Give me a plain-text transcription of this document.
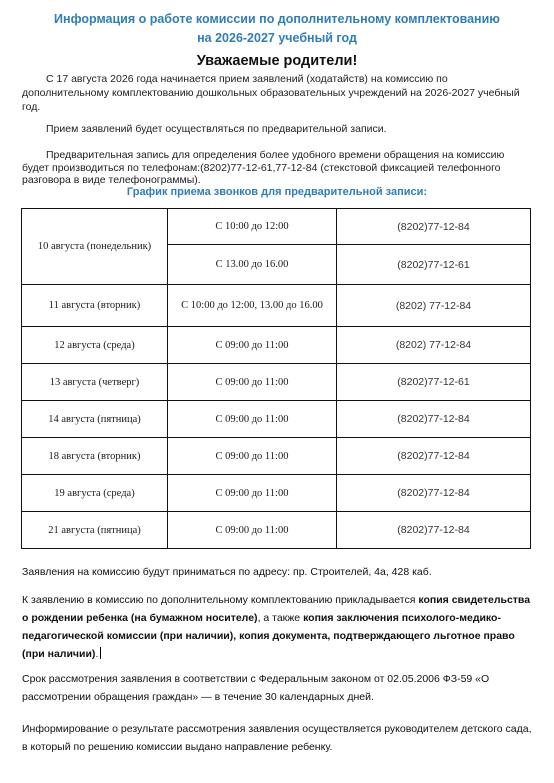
Информация о работе комиссии по дополнительному комплектованию
на 2026-2027 учебный год
Уважаемые родители!
С 17 августа 2026 года начинается прием заявлений (ходатайств) на комиссию по дополнительному комплектованию дошкольных образовательных учреждений на 2026-2027 учебный год.
Прием заявлений будет осуществляться по предварительной записи.
Предварительная запись для определения более удобного времени обращения на комиссию будет производиться по телефонам:(8202)77-12-61,77-12-84 (стекстовой фиксацией телефонного разговора в виде телефонограммы).
График приема звонков для предварительной записи:
10 августа (понедельник)	С 10:00 до 12:00	(8202)77-12-84
	С 13.00 до 16.00	(8202)77-12-61
11 августа (вторник)	С 10:00 до 12:00, 13.00 до 16.00	(8202) 77-12-84
12 августа (среда)	С 09:00 до 11:00	(8202) 77-12-84
13 августа (четверг)	С 09:00 до 11:00	(8202)77-12-61
14 августа (пятница)	С 09:00 до 11:00	(8202)77-12-84
18 августа (вторник)	С 09:00 до 11:00	(8202)77-12-84
19 августа (среда)	С 09:00 до 11:00	(8202)77-12-84
21 августа (пятница)	С 09:00 до 11:00	(8202)77-12-84
Заявления на комиссию будут приниматься по адресу: пр. Строителей, 4а, 428 каб.
К заявлению в комиссию по дополнительному комплектованию прикладывается копия свидетельства о рождении ребенка (на бумажном носителе), а также копия заключения психолого-медико-педагогической комиссии (при наличии), копия документа, подтверждающего льготное право (при наличии).
Срок рассмотрения заявления в соответствии с Федеральным законом от 02.05.2006 ФЗ-59 «О рассмотрении обращения граждан» — в течение 30 календарных дней.
Информирование о результате рассмотрения заявления осуществляется руководителем детского сада, в который по решению комиссии выдано направление ребенку.
